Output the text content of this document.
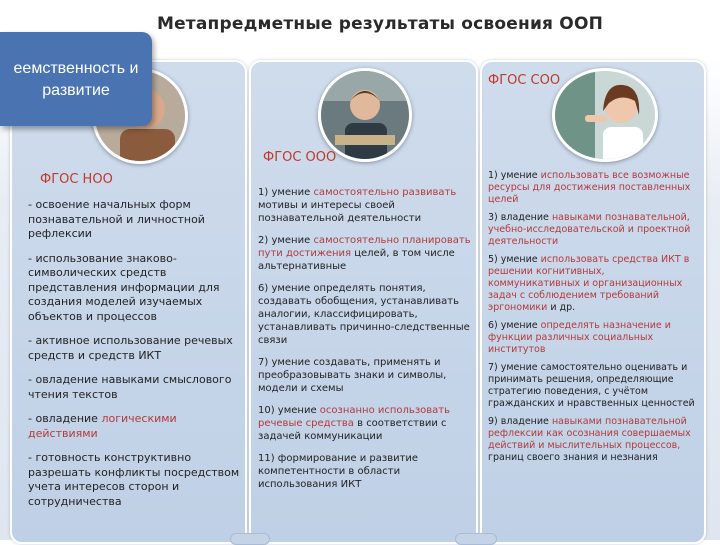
Метапредметные результаты освоения ООП
еемственность и
развитие
ФГОС НОО
ФГОС ООО
ФГОС СОО

- освоение начальных форм познавательной и личностной рефлексии

- использование знаково-символических средств представления информации для создания моделей изучаемых объектов и процессов

- активное использование речевых средств и средств ИКТ

- овладение навыками смыслового чтения текстов

- овладение логическими действиями

- готовность конструктивно разрешать конфликты посредством учета интересов сторон и сотрудничества

1) умение самостоятельно развивать мотивы и интересы своей познавательной деятельности

2) умение самостоятельно планировать пути достижения целей, в том числе альтернативные

6) умение определять понятия, создавать обобщения, устанавливать аналогии, классифицировать, устанавливать причинно-следственные связи

7) умение создавать, применять и преобразовывать знаки и символы, модели и схемы

10) умение осознанно использовать речевые средства в соответствии с задачей коммуникации

11) формирование и развитие компетентности в области использования ИКТ

1) умение использовать все возможные ресурсы для достижения поставленных целей

3) владение навыками познавательной, учебно-исследовательской и проектной деятельности

5) умение использовать средства ИКТ в решении когнитивных, коммуникативных и организационных задач с соблюдением требований эргономики и др.

6) умение определять назначение и функции различных социальных институтов

7) умение самостоятельно оценивать и принимать решения, определяющие стратегию поведения, с учётом гражданских и нравственных ценностей

9) владение навыками познавательной рефлексии как осознания совершаемых действий и мыслительных процессов, границ своего знания и незнания
